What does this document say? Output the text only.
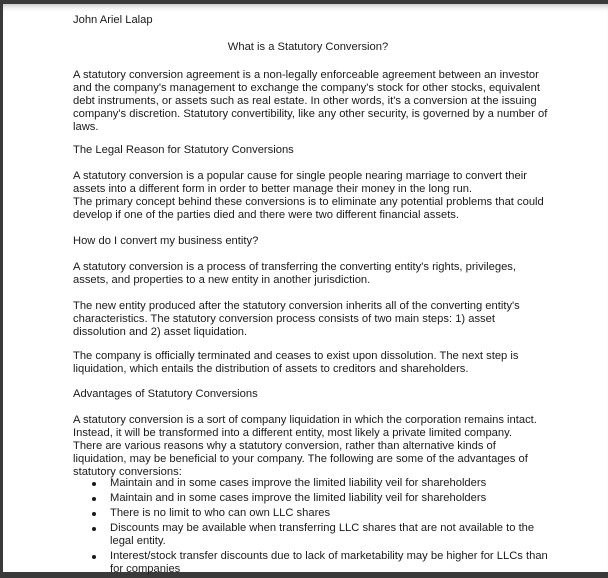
John Ariel Lalap
What is a Statutory Conversion?
A statutory conversion agreement is a non-legally enforceable agreement between an investor
and the company's management to exchange the company's stock for other stocks, equivalent
debt instruments, or assets such as real estate. In other words, it's a conversion at the issuing
company's discretion. Statutory convertibility, like any other security, is governed by a number of
laws.
The Legal Reason for Statutory Conversions
A statutory conversion is a popular cause for single people nearing marriage to convert their
assets into a different form in order to better manage their money in the long run.
The primary concept behind these conversions is to eliminate any potential problems that could
develop if one of the parties died and there were two different financial assets.
How do I convert my business entity?
A statutory conversion is a process of transferring the converting entity's rights, privileges,
assets, and properties to a new entity in another jurisdiction.
The new entity produced after the statutory conversion inherits all of the converting entity's
characteristics. The statutory conversion process consists of two main steps: 1) asset
dissolution and 2) asset liquidation.
The company is officially terminated and ceases to exist upon dissolution. The next step is
liquidation, which entails the distribution of assets to creditors and shareholders.
Advantages of Statutory Conversions
A statutory conversion is a sort of company liquidation in which the corporation remains intact.
Instead, it will be transformed into a different entity, most likely a private limited company.
There are various reasons why a statutory conversion, rather than alternative kinds of
liquidation, may be beneficial to your company. The following are some of the advantages of
statutory conversions:
Maintain and in some cases improve the limited liability veil for shareholders
Maintain and in some cases improve the limited liability veil for shareholders
There is no limit to who can own LLC shares
Discounts may be available when transferring LLC shares that are not available to the
legal entity.
Interest/stock transfer discounts due to lack of marketability may be higher for LLCs than
for companies
